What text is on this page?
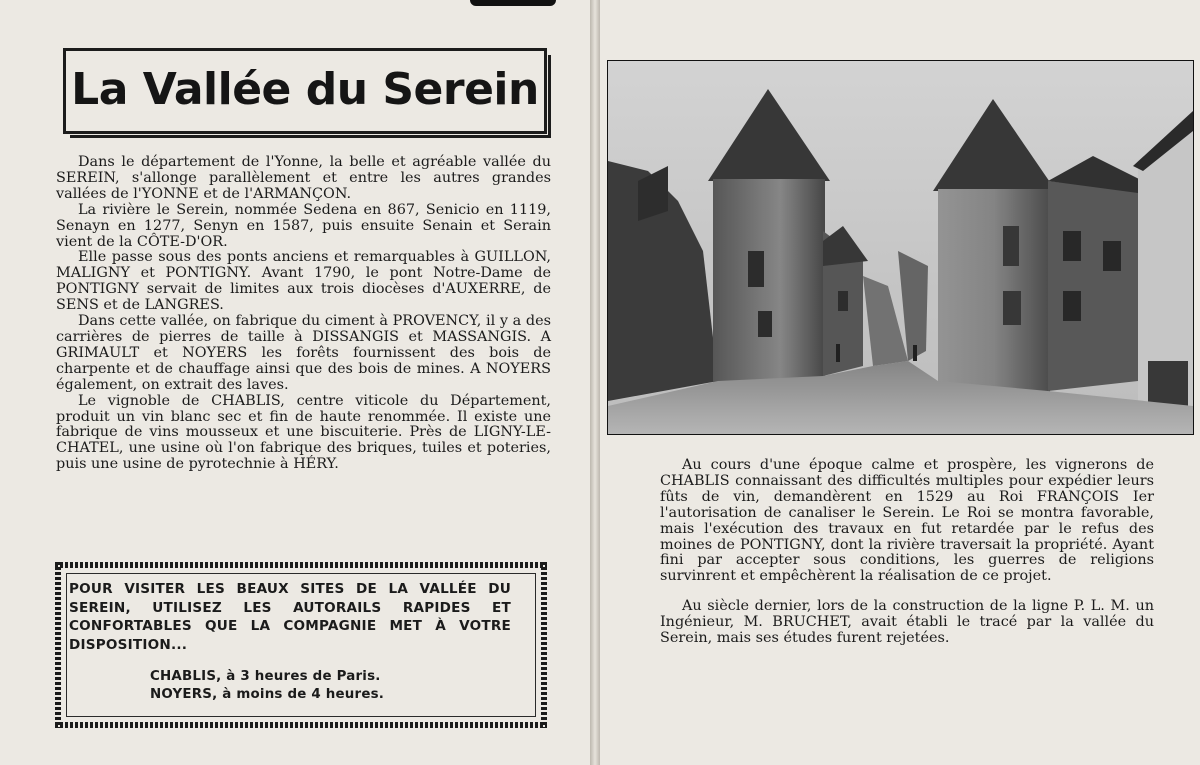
La Vallée du Serein

Dans le département de l'Yonne, la belle et agréable vallée du SEREIN, s'allonge parallèlement et entre les autres grandes vallées de l'YONNE et de l'ARMANÇON.

La rivière le Serein, nommée Sedena en 867, Senicio en 1119, Senayn en 1277, Senyn en 1587, puis ensuite Senain et Serain vient de la CÔTE-D'OR.

Elle passe sous des ponts anciens et remarquables à GUILLON, MALIGNY et PONTIGNY. Avant 1790, le pont Notre-Dame de PONTIGNY servait de limites aux trois diocèses d'AUXERRE, de SENS et de LANGRES.

Dans cette vallée, on fabrique du ciment à PROVENCY, il y a des carrières de pierres de taille à DISSANGIS et MASSANGIS. A GRIMAULT et NOYERS les forêts fournissent des bois de charpente et de chauffage ainsi que des bois de mines. A NOYERS également, on extrait des laves.

Le vignoble de CHABLIS, centre viticole du Département, produit un vin blanc sec et fin de haute renommée. Il existe une fabrique de vins mousseux et une biscuiterie. Près de LIGNY-LE-CHATEL, une usine où l'on fabrique des briques, tuiles et poteries, puis une usine de pyrotechnie à HÉRY.

POUR VISITER LES BEAUX SITES DE LA VALLÉE DU SEREIN, UTILISEZ LES AUTORAILS RAPIDES ET CONFORTABLES QUE LA COMPAGNIE MET À VOTRE DISPOSITION...
CHABLIS, à 3 heures de Paris.
NOYERS, à moins de 4 heures.

Au cours d'une époque calme et prospère, les vignerons de CHABLIS connaissant des difficultés multiples pour expédier leurs fûts de vin, demandèrent en 1529 au Roi FRANÇOIS Ier l'autorisation de canaliser le Serein. Le Roi se montra favorable, mais l'exécution des travaux en fut retardée par le refus des moines de PONTIGNY, dont la rivière traversait la propriété. Ayant fini par accepter sous conditions, les guerres de religions survinrent et empêchèrent la réalisation de ce projet.

Au siècle dernier, lors de la construction de la ligne P. L. M. un Ingénieur, M. BRUCHET, avait établi le tracé par la vallée du Serein, mais ses études furent rejetées.
